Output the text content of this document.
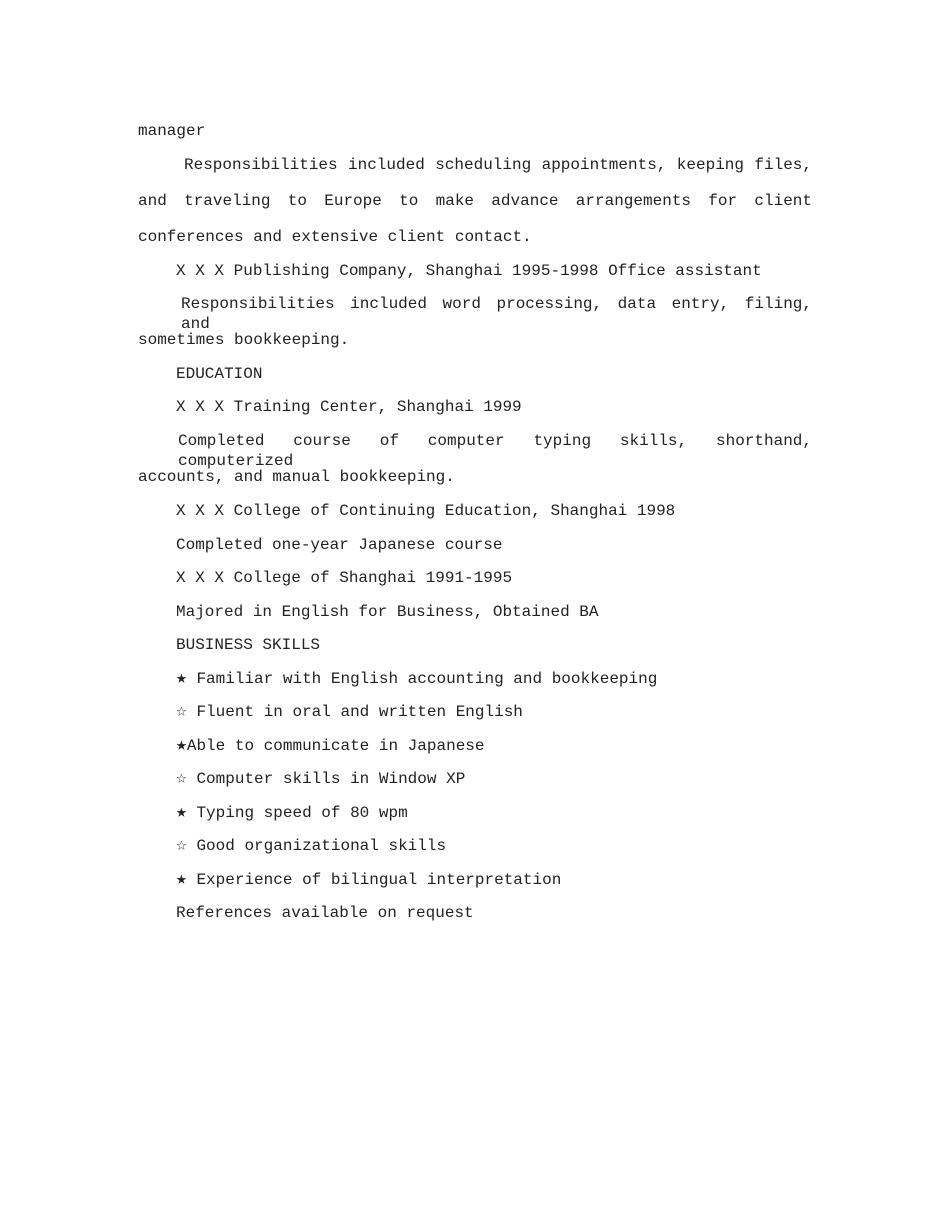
manager

Responsibilities included scheduling appointments, keeping files,

and traveling to Europe to make advance arrangements for client

conferences and extensive client contact.

X X X Publishing Company, Shanghai 1995-1998 Office assistant

Responsibilities included word processing, data entry, filing, and

sometimes bookkeeping.

EDUCATION

X X X Training Center, Shanghai 1999

Completed course of computer typing skills, shorthand, computerized

accounts, and manual bookkeeping.

X X X College of Continuing Education, Shanghai 1998

Completed one-year Japanese course

X X X College of Shanghai 1991-1995

Majored in English for Business, Obtained BA

BUSINESS SKILLS

★ Familiar with English accounting and bookkeeping

☆ Fluent in oral and written English

★Able to communicate in Japanese

☆ Computer skills in Window XP

★ Typing speed of 80 wpm

☆ Good organizational skills

★ Experience of bilingual interpretation

References available on request
